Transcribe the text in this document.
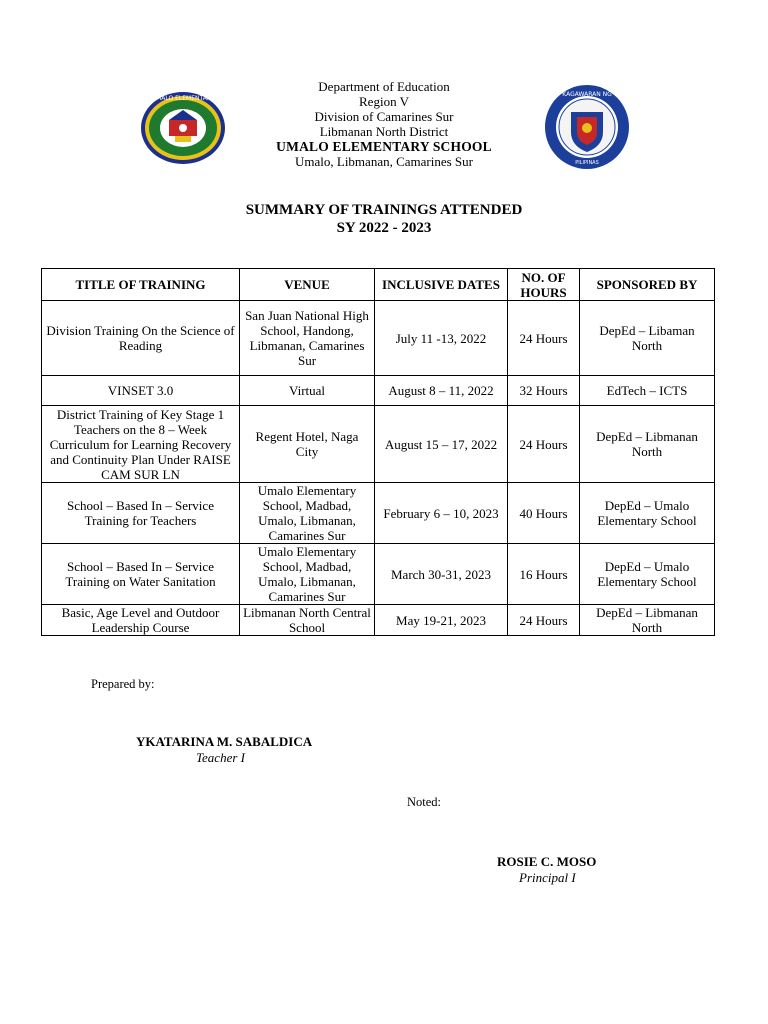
UMALO ELEMENTARY
KAGAWARAN NG
PILIPINAS
Department of Education
Region V
Division of Camarines Sur
Libmanan North District
UMALO ELEMENTARY SCHOOL
Umalo, Libmanan, Camarines Sur
SUMMARY OF TRAININGS ATTENDED
SY 2022 - 2023
TITLE OF TRAINING	VENUE	INCLUSIVE DATES	NO. OF HOURS	SPONSORED BY
Division Training On the Science of Reading	San Juan National High School, Handong, Libmanan, Camarines Sur	July 11 -13, 2022	24 Hours	DepEd – Libaman North
VINSET 3.0	Virtual	August 8 – 11, 2022	32 Hours	EdTech – ICTS
District Training of Key Stage 1 Teachers on the 8 – Week Curriculum for Learning Recovery and Continuity Plan Under RAISE CAM SUR LN	Regent Hotel, Naga City	August 15 – 17, 2022	24 Hours	DepEd – Libmanan North
School – Based In – Service Training for Teachers	Umalo Elementary School, Madbad, Umalo, Libmanan, Camarines Sur	February 6 – 10, 2023	40 Hours	DepEd – Umalo Elementary School
School – Based In – Service Training on Water Sanitation	Umalo Elementary School, Madbad, Umalo, Libmanan, Camarines Sur	March 30-31, 2023	16 Hours	DepEd – Umalo Elementary School
Basic, Age Level and Outdoor Leadership Course	Libmanan North Central School	May 19-21, 2023	24 Hours	DepEd – Libmanan North
Prepared by:
YKATARINA M. SABALDICA
Teacher I
Noted:
ROSIE C. MOSO
Principal I
